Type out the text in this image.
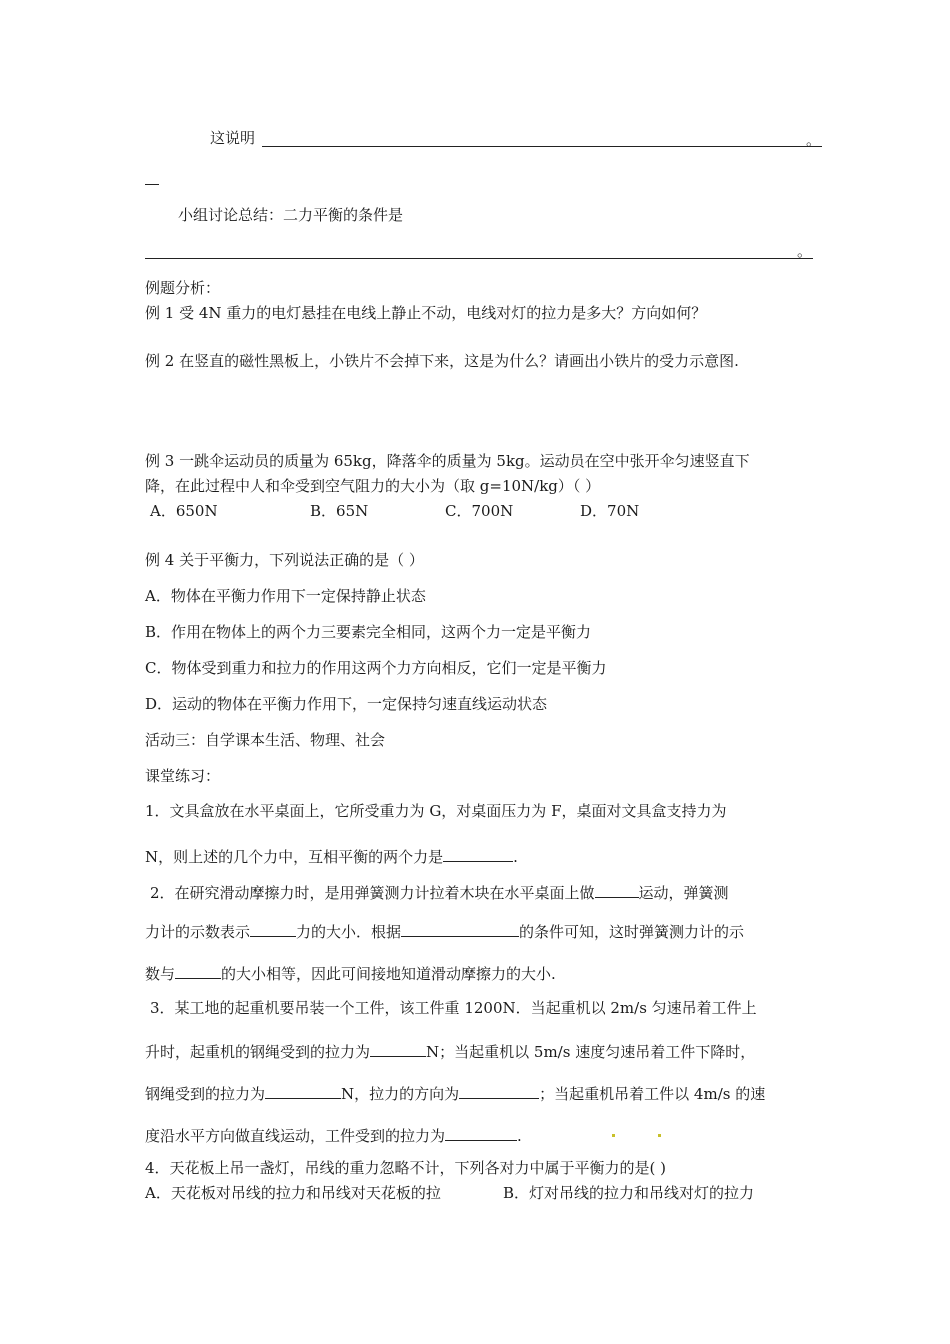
这说明	。
小组讨论总结：二力平衡的条件是
。
例题分析：
例 1 受 4N 重力的电灯悬挂在电线上静止不动，电线对灯的拉力是多大？方向如何？
例 2 在竖直的磁性黑板上，小铁片不会掉下来，这是为什么？请画出小铁片的受力示意图.
例 3 一跳伞运动员的质量为 65kg，降落伞的质量为 5kg。运动员在空中张开伞匀速竖直下
降，在此过程中人和伞受到空气阻力的大小为（取 g=10N/kg）（ ）
A．650N	B．65N	C．700N	D．70N
例 4 关于平衡力，下列说法正确的是（ ）
A．物体在平衡力作用下一定保持静止状态
B．作用在物体上的两个力三要素完全相同，这两个力一定是平衡力
C．物体受到重力和拉力的作用这两个力方向相反，它们一定是平衡力
D．运动的物体在平衡力作用下，一定保持匀速直线运动状态
活动三：自学课本生活、物理、社会
课堂练习：
1．文具盒放在水平桌面上，它所受重力为 G，对桌面压力为 F，桌面对文具盒支持力为
N，则上述的几个力中，互相平衡的两个力是	.
2．在研究滑动摩擦力时，是用弹簧测力计拉着木块在水平桌面上做	运动，弹簧测
力计的示数表示	力的大小．根据	的条件可知，这时弹簧测力计的示
数与	的大小相等，因此可间接地知道滑动摩擦力的大小.
3．某工地的起重机要吊装一个工件，该工件重 1200N．当起重机以 2m/s 匀速吊着工件上
升时，起重机的钢绳受到的拉力为	N；当起重机以 5m/s 速度匀速吊着工件下降时，
钢绳受到的拉力为	N，拉力的方向为	；当起重机吊着工件以 4m/s 的速
度沿水平方向做直线运动，工件受到的拉力为	.
4．天花板上吊一盏灯，吊线的重力忽略不计，下列各对力中属于平衡力的是( )
A．天花板对吊线的拉力和吊线对天花板的拉	B．灯对吊线的拉力和吊线对灯的拉力
